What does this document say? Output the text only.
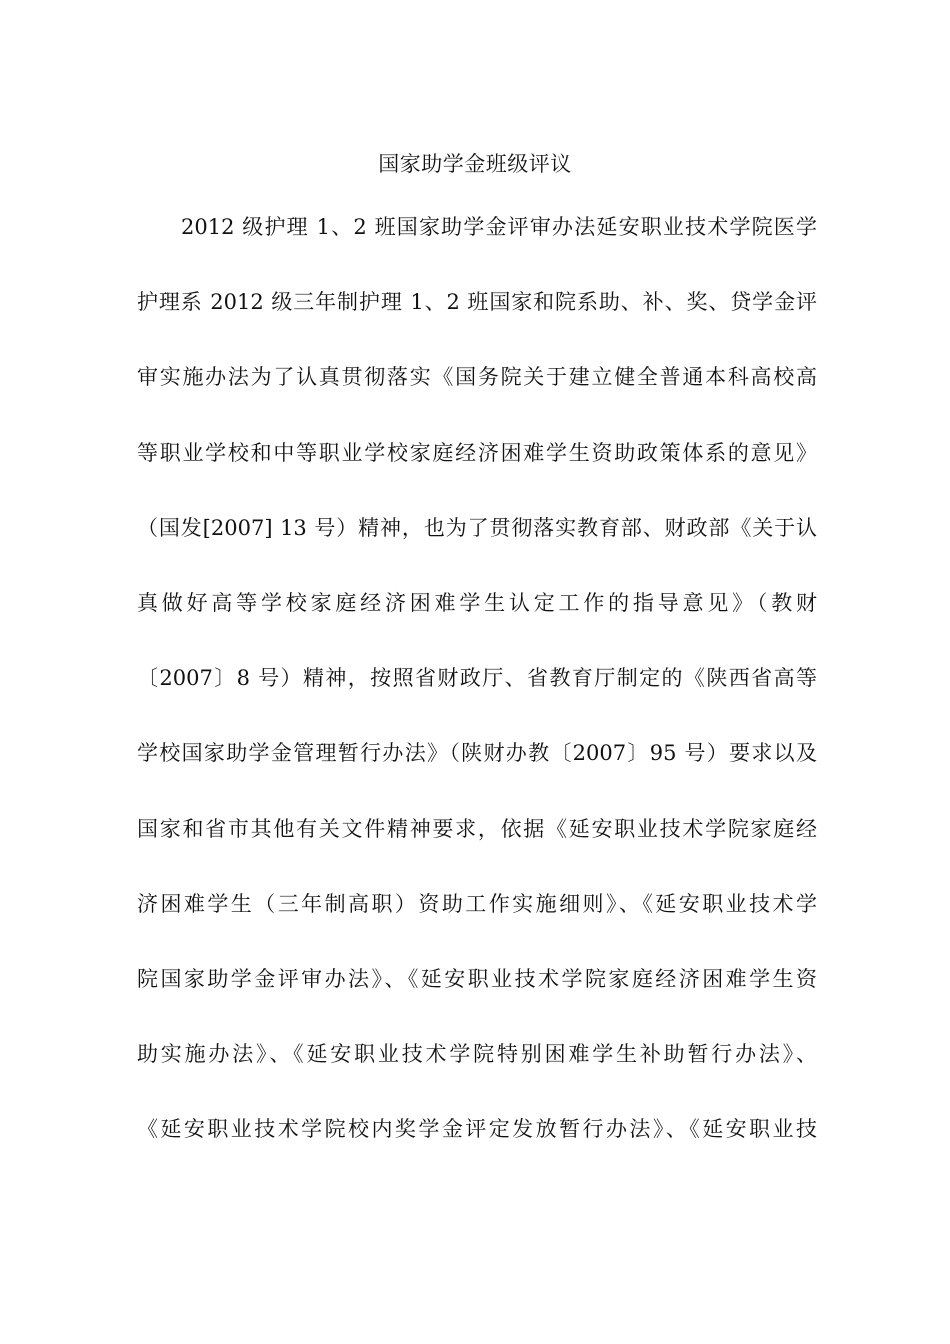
国家助学金班级评议
2012 级护理 1、2 班国家助学金评审办法延安职业技术学院医学
护理系 2012 级三年制护理 1、2 班国家和院系助、补、奖、贷学金评
审实施办法为了认真贯彻落实《国务院关于建立健全普通本科高校高
等职业学校和中等职业学校家庭经济困难学生资助政策体系的意见》
（国发[2007] 13 号）精神，也为了贯彻落实教育部、财政部《关于认
真做好高等学校家庭经济困难学生认定工作的指导意见》（教财
〔2007〕8 号）精神，按照省财政厅、省教育厅制定的《陕西省高等
学校国家助学金管理暂行办法》（陕财办教〔2007〕95 号）要求以及
国家和省市其他有关文件精神要求，依据《延安职业技术学院家庭经
济困难学生（三年制高职）资助工作实施细则》、《延安职业技术学
院国家助学金评审办法》、《延安职业技术学院家庭经济困难学生资
助实施办法》、《延安职业技术学院特别困难学生补助暂行办法》、
《延安职业技术学院校内奖学金评定发放暂行办法》、《延安职业技
